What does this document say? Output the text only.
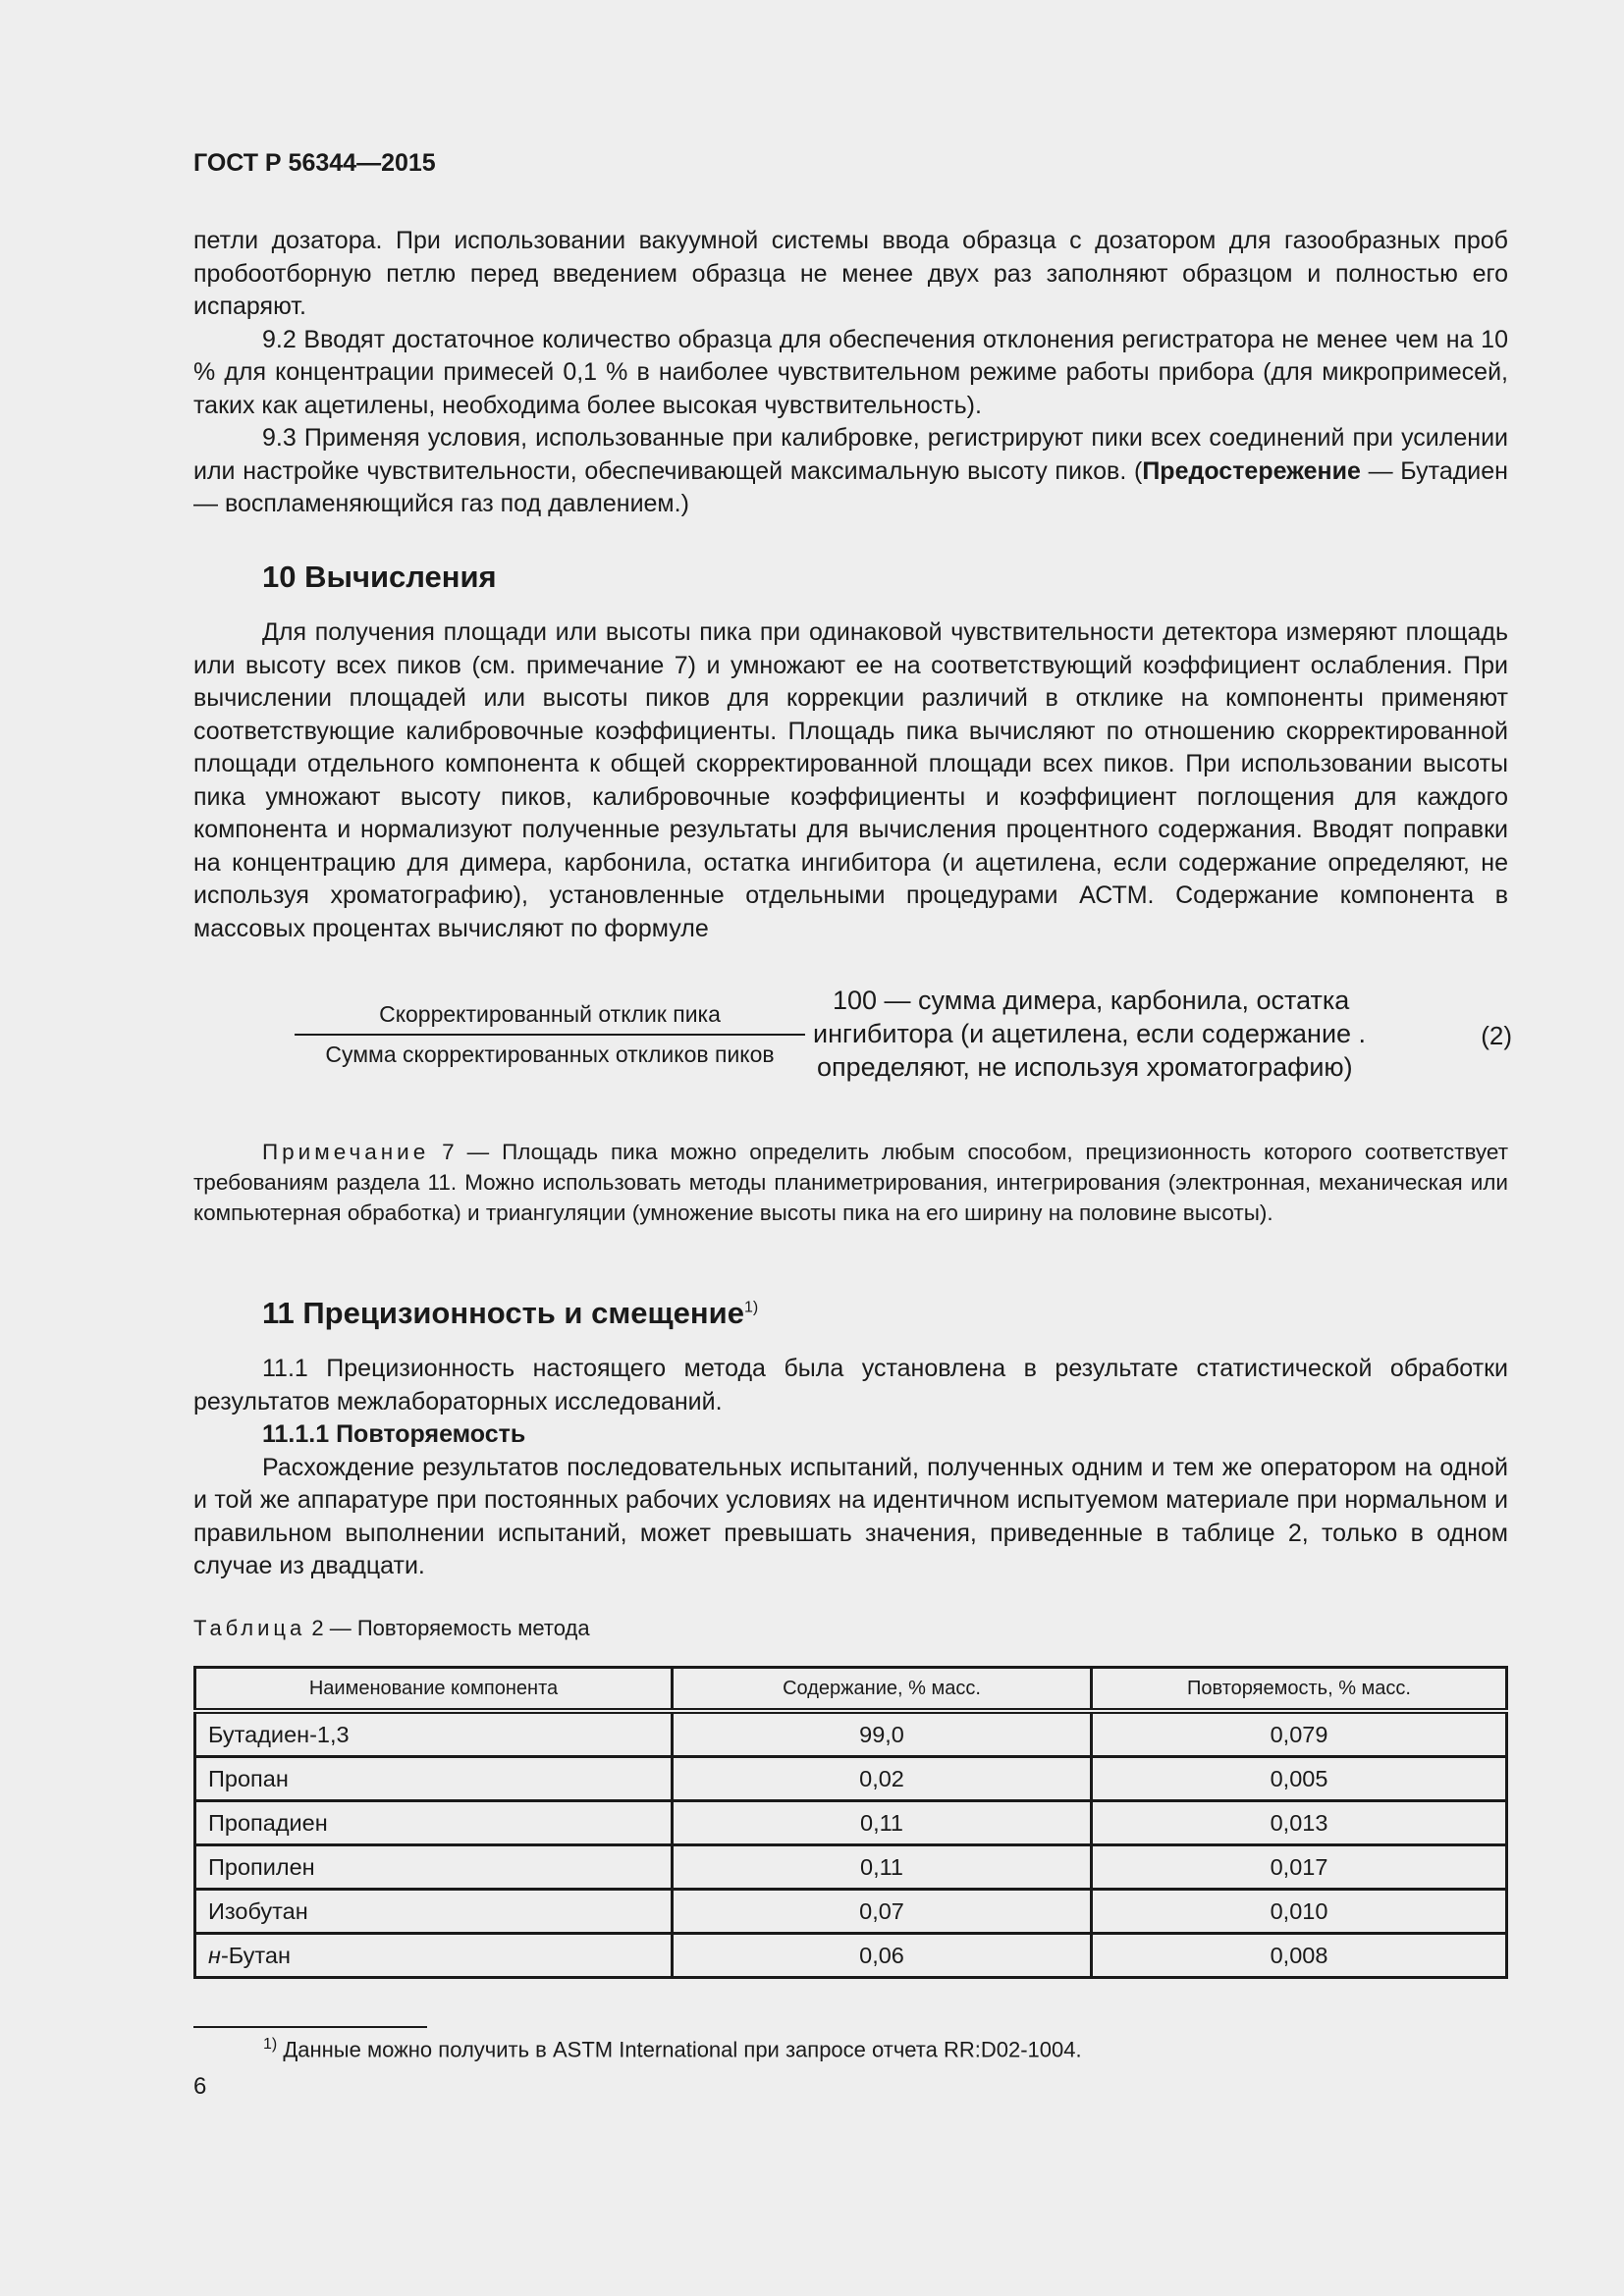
ГОСТ Р 56344—2015

петли дозатора. При использовании вакуумной системы ввода образца с дозатором для газообразных проб пробоотборную петлю перед введением образца не менее двух раз заполняют образцом и полностью его испаряют.

9.2 Вводят достаточное количество образца для обеспечения отклонения регистратора не менее чем на 10 % для концентрации примесей 0,1 % в наиболее чувствительном режиме работы прибора (для микропримесей, таких как ацетилены, необходима более высокая чувствительность).

9.3 Применяя условия, использованные при калибровке, регистрируют пики всех соединений при усилении или настройке чувствительности, обеспечивающей максимальную высоту пиков. (Предостережение — Бутадиен — воспламеняющийся газ под давлением.)

10 Вычисления

Для получения площади или высоты пика при одинаковой чувствительности детектора измеряют площадь или высоту всех пиков (см. примечание 7) и умножают ее на соответствующий коэффициент ослабления. При вычислении площадей или высоты пиков для коррекции различий в отклике на компоненты применяют соответствующие калибровочные коэффициенты. Площадь пика вычисляют по отношению скорректированной площади отдельного компонента к общей скорректированной площади всех пиков. При использовании высоты пика умножают высоту пиков, калибровочные коэффициенты и коэффициент поглощения для каждого компонента и нормализуют полученные результаты для вычисления процентного содержания. Вводят поправки на концентрацию для димера, карбонила, остатка ингибитора (и ацетилена, если содержание определяют, не используя хроматографию), установленные отдельными процедурами АСТМ. Содержание компонента в массовых процентах вычисляют по формуле

Скорректированный отклик пика
Сумма скорректированных откликов пиков
100 — сумма димера, карбонила, остатка
ингибитора (и ацетилена, если содержание .
определяют, не используя хроматографию)
(2)

Примечание 7 — Площадь пика можно определить любым способом, прецизионность которого соответствует требованиям раздела 11. Можно использовать методы планиметрирования, интегрирования (электронная, механическая или компьютерная обработка) и триангуляции (умножение высоты пика на его ширину на половине высоты).

11 Прецизионность и смещение$^{1)}$

11.1 Прецизионность настоящего метода была установлена в результате статистической обработки результатов межлабораторных исследований.

11.1.1 Повторяемость

Расхождение результатов последовательных испытаний, полученных одним и тем же оператором на одной и той же аппаратуре при постоянных рабочих условиях на идентичном испытуемом материале при нормальном и правильном выполнении испытаний, может превышать значения, приведенные в таблице 2, только в одном случае из двадцати.

Таблица 2 — Повторяемость метода
Наименование компонента	Содержание, % масс.	Повторяемость, % масс.
Бутадиен-1,3	99,0	0,079
Пропан	0,02	0,005
Пропадиен	0,11	0,013
Пропилен	0,11	0,017
Изобутан	0,07	0,010
н-Бутан	0,06	0,008
$^{1)}$ Данные можно получить в ASTM International при запросе отчета RR:D02-1004.
6
